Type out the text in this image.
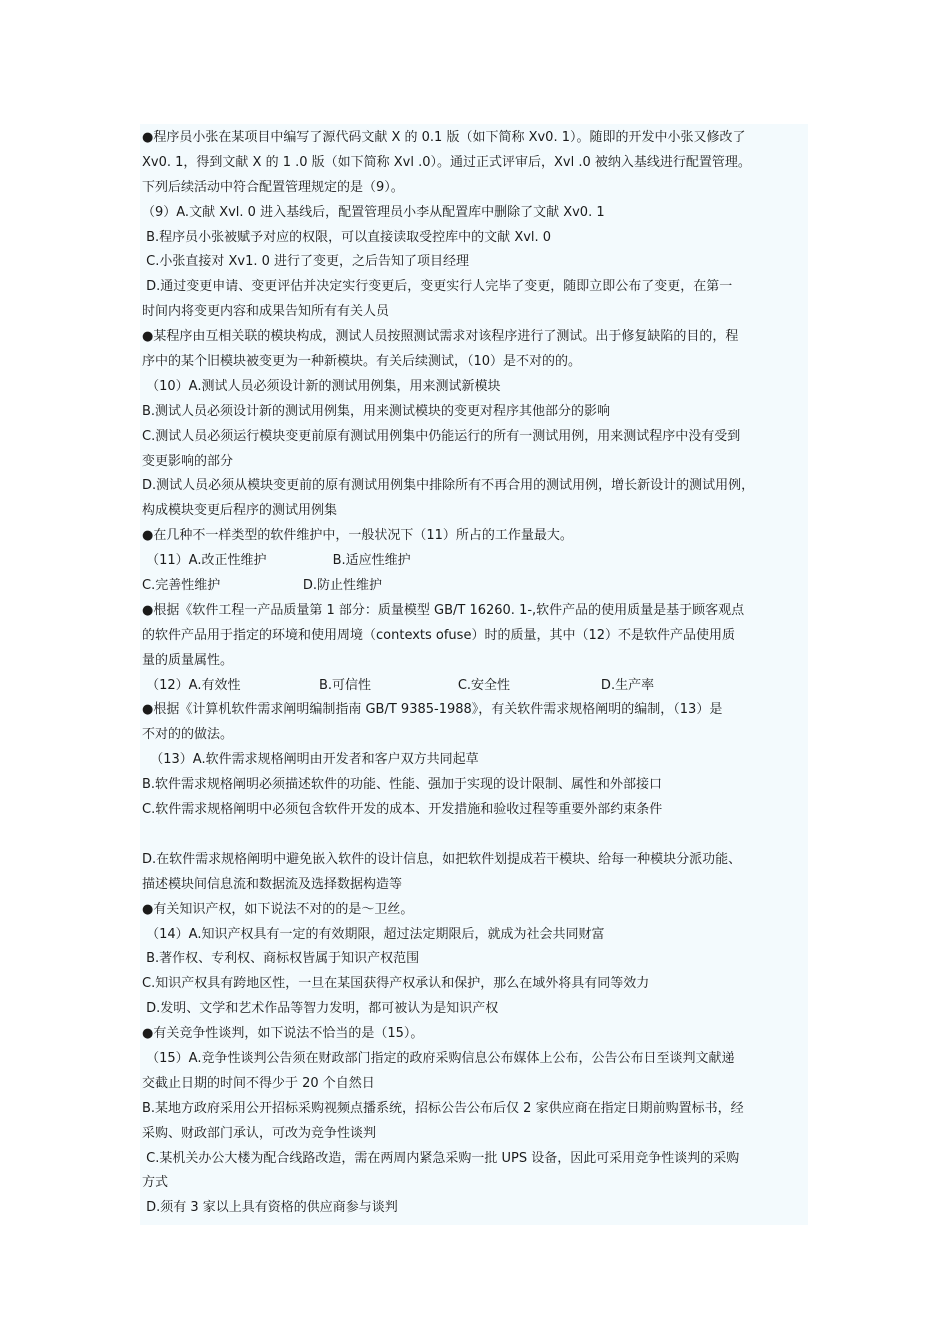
●程序员小张在某项目中编写了源代码文献 X 的 0.1 版（如下简称 Xv0. 1）。随即的开发中小张又修改了
Xv0. 1，得到文献 X 的 1 .0 版（如下简称 Xvl .0）。通过正式评审后，Xvl .0 被纳入基线进行配置管理。
下列后续活动中符合配置管理规定的是（9）。
（9）A.文献 Xvl. 0 进入基线后，配置管理员小李从配置库中删除了文献 Xv0. 1
B.程序员小张被赋予对应的权限，可以直接读取受控库中的文献 Xvl. 0
C.小张直接对 Xv1. 0 进行了变更，之后告知了项目经理
D.通过变更申请、变更评估并决定实行变更后，变更实行人完毕了变更，随即立即公布了变更，在第一
时间内将变更内容和成果告知所有有关人员
●某程序由互相关联的模块构成，测试人员按照测试需求对该程序进行了测试。出于修复缺陷的目的，程
序中的某个旧模块被变更为一种新模块。有关后续测试，（10）是不对的的。
（10）A.测试人员必须设计新的测试用例集，用来测试新模块
B.测试人员必须设计新的测试用例集，用来测试模块的变更对程序其他部分的影响
C.测试人员必须运行模块变更前原有测试用例集中仍能运行的所有一测试用例，用来测试程序中没有受到
变更影响的部分
D.测试人员必须从模块变更前的原有测试用例集中排除所有不再合用的测试用例，增长新设计的测试用例，
构成模块变更后程序的测试用例集
●在几种不一样类型的软件维护中，一般状况下（11）所占的工作量最大。
（11）A.改正性维护                B.适应性维护
C.完善性维护                    D.防止性维护
●根据《软件工程一产品质量第 1 部分：质量模型 GB/T 16260. 1-,软件产品的使用质量是基于顾客观点
的软件产品用于指定的环境和使用周境（contexts ofuse）时的质量，其中（12）不是软件产品使用质
量的质量属性。
（12）A.有效性                   B.可信性                     C.安全性                      D.生产率
●根据《计算机软件需求阐明编制指南 GB/T 9385-1988》，有关软件需求规格阐明的编制，（13）是
不对的的做法。
（13）A.软件需求规格阐明由开发者和客户双方共同起草
B.软件需求规格阐明必须描述软件的功能、性能、强加于实现的设计限制、属性和外部接口
C.软件需求规格阐明中必须包含软件开发的成本、开发措施和验收过程等重要外部约束条件
D.在软件需求规格阐明中避免嵌入软件的设计信息，如把软件划提成若干模块、给每一种模块分派功能、
描述模块间信息流和数据流及选择数据构造等
●有关知识产权，如下说法不对的的是～卫丝。
（14）A.知识产权具有一定的有效期限，超过法定期限后，就成为社会共同财富
B.著作权、专利权、商标权皆属于知识产权范围
C.知识产权具有跨地区性，一旦在某国获得产权承认和保护，那么在域外将具有同等效力
D.发明、文学和艺术作品等智力发明，都可被认为是知识产权
●有关竞争性谈判，如下说法不恰当的是（15）。
（15）A.竞争性谈判公告须在财政部门指定的政府采购信息公布媒体上公布，公告公布日至谈判文献递
交截止日期的时间不得少于 20 个自然日
B.某地方政府采用公开招标采购视频点播系统，招标公告公布后仅 2 家供应商在指定日期前购置标书，经
采购、财政部门承认，可改为竞争性谈判
C.某机关办公大楼为配合线路改造，需在两周内紧急采购一批 UPS 设备，因此可采用竞争性谈判的采购
方式
D.须有 3 家以上具有资格的供应商参与谈判
